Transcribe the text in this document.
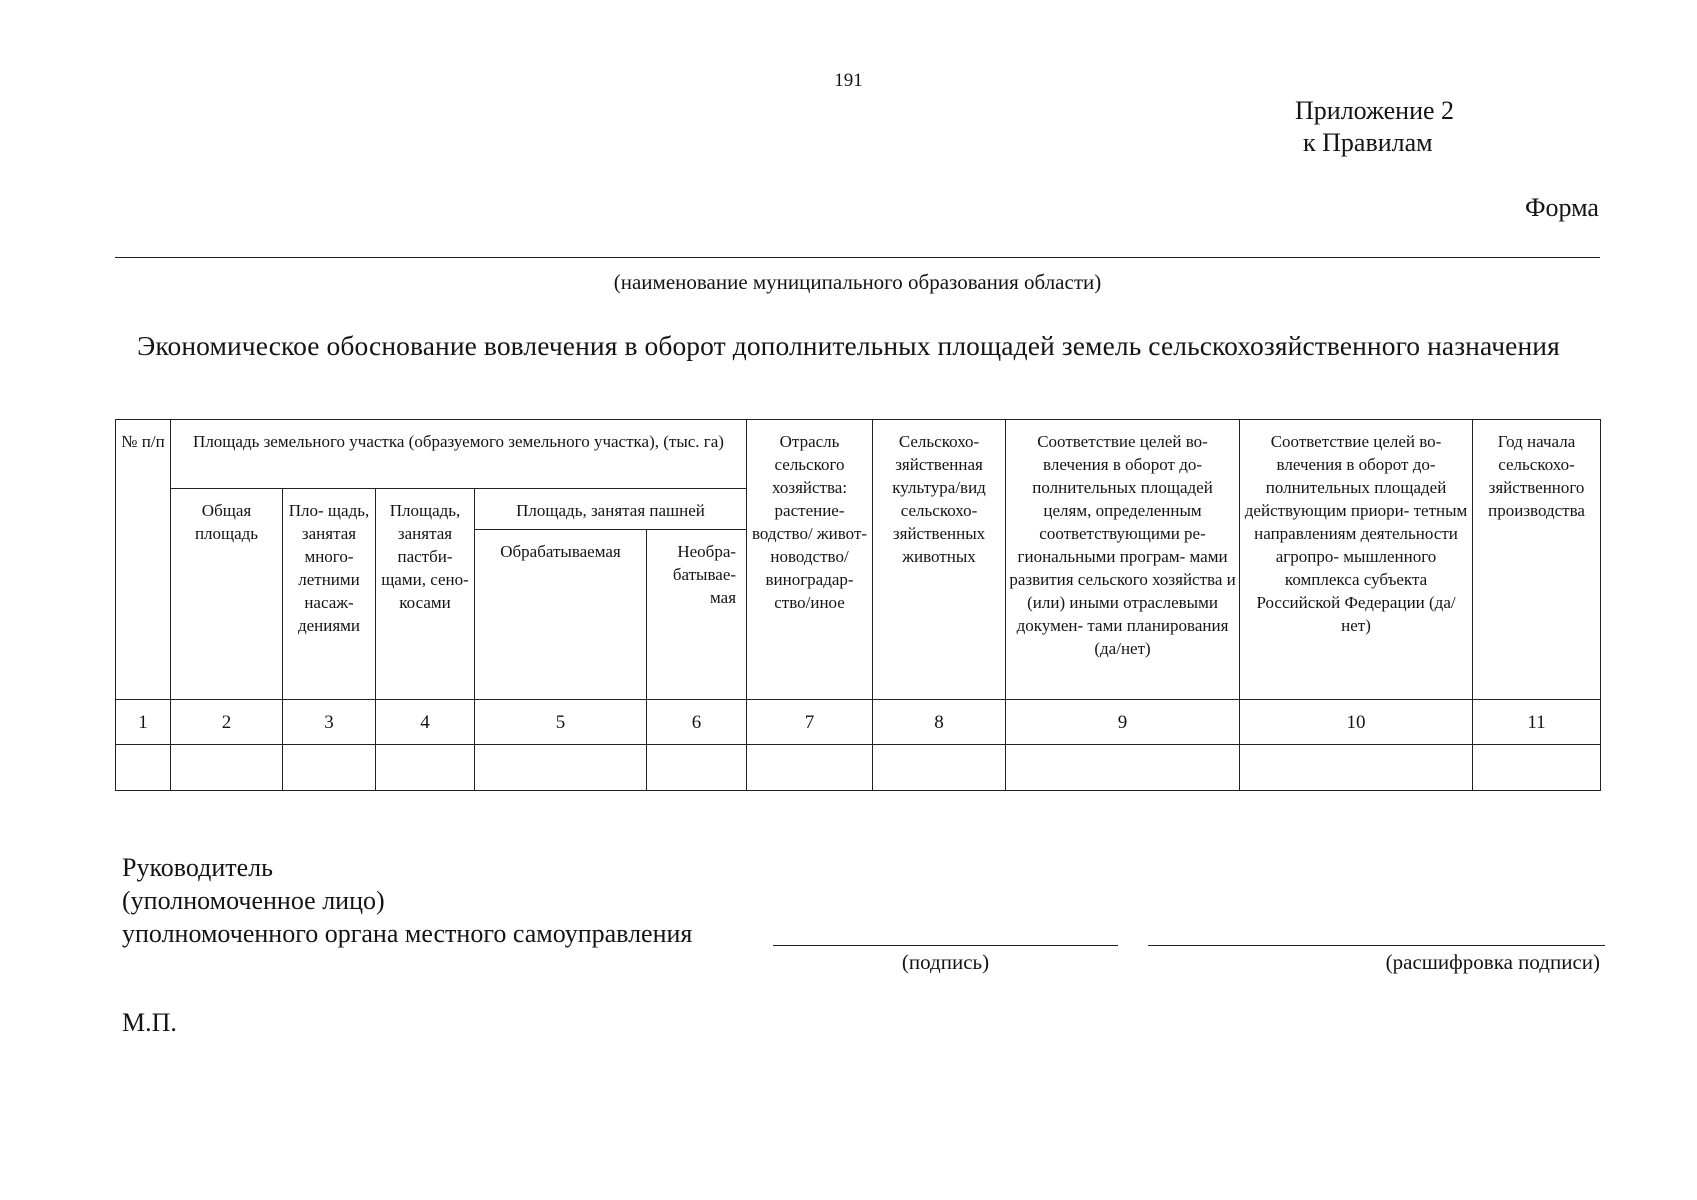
191
Приложение 2
к Правилам
Форма
(наименование муниципального образования области)
Экономическое обоснование вовлечения в оборот дополнительных площадей земель сельскохозяйственного назначения
№ п/п	Площадь земельного участка (образуемого земельного участка), (тыс. га)					Отрасль сельского хозяйства: растение- водство/ живот- новодство/ виноградар- ство/иное	Сельскохо- зяйственная культура/вид сельскохо- зяйственных животных	Соответствие целей во- влечения в оборот до- полнительных площадей целям, определенным соответствующими ре- гиональными програм- мами развития сельского хозяйства и (или) иными отраслевыми докумен- тами планирования (да/нет)	Соответствие целей во- влечения в оборот до- полнительных площадей действующим приори- тетным направлениям деятельности агропро- мышленного комплекса субъекта Российской Федерации (да/нет)	Год начала сельскохо- зяйственного производства
	Общая площадь	Пло- щадь, занятая много- летними насаж- дениями	Площадь, занятая пастби- щами, сено- косами	Площадь, занятая пашней						
				Обрабатываемая	Необра- батывае- мая					
1	2	3	4	5	6	7	8	9	10	11

Руководитель
(уполномоченное лицо)
уполномоченного органа местного самоуправления
(подпись)	(расшифровка подписи)
М.П.
